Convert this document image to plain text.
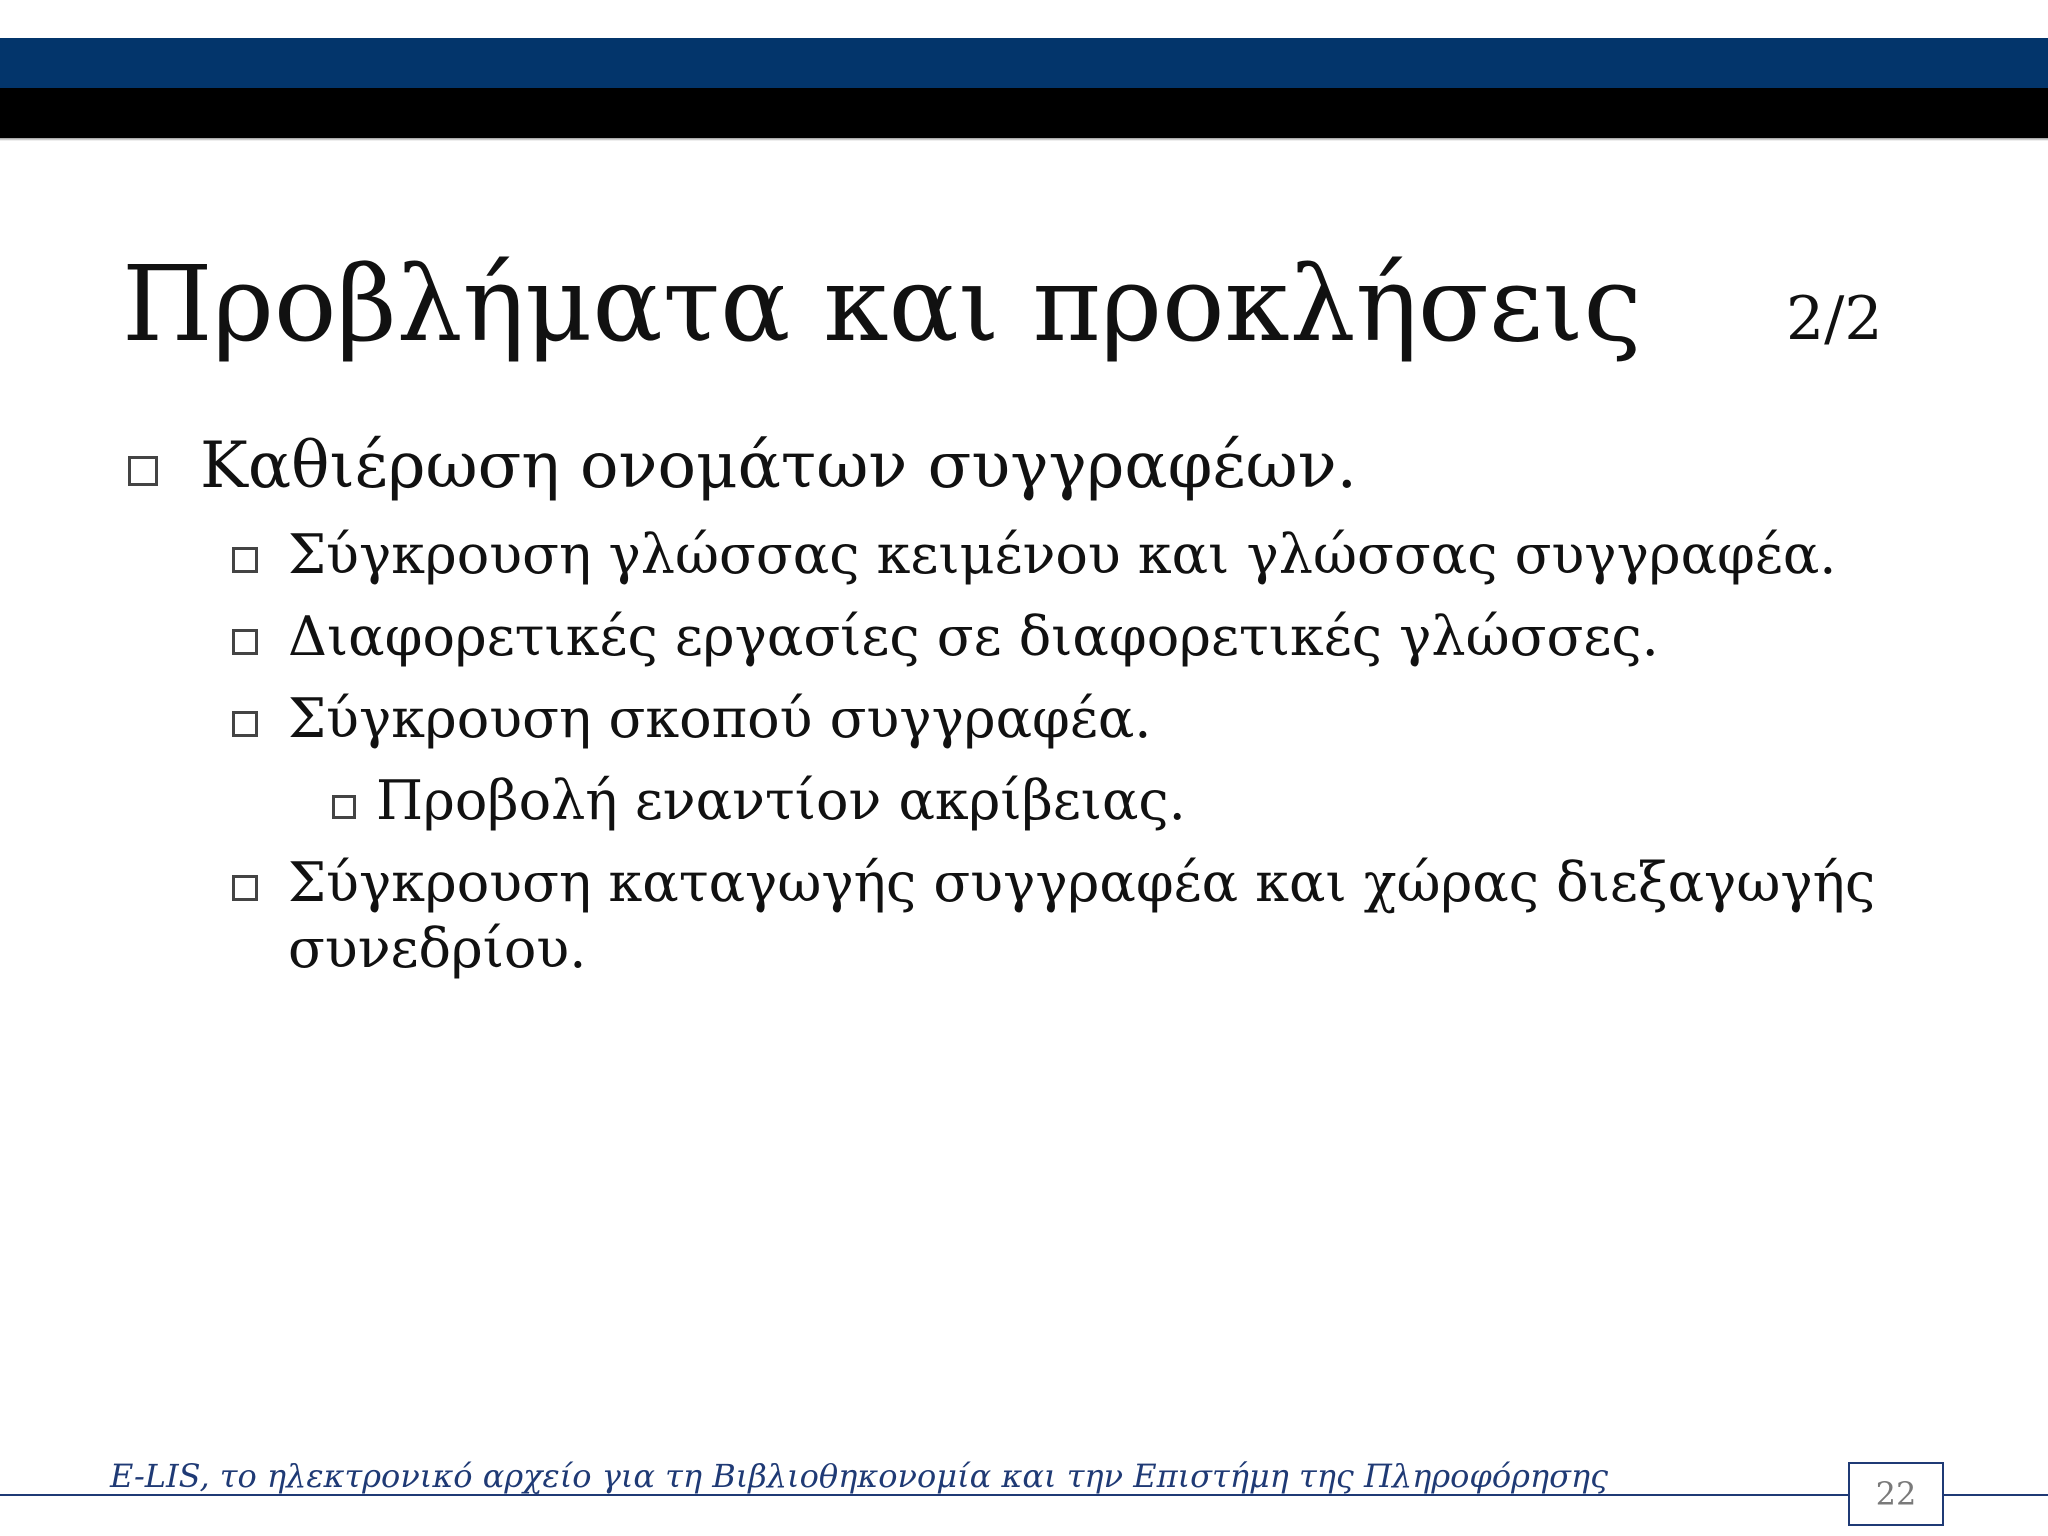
Προβλήματα και προκλήσεις 2/2
Καθιέρωση ονομάτων συγγραφέων.
Σύγκρουση γλώσσας κειμένου και γλώσσας συγγραφέα.
Διαφορετικές εργασίες σε διαφορετικές γλώσσες.
Σύγκρουση σκοπού συγγραφέα.
Προβολή εναντίον ακρίβειας.
Σύγκρουση καταγωγής συγγραφέα και χώρας διεξαγωγής
συνεδρίου.
E-LIS, το ηλεκτρονικό αρχείο για τη Βιβλιοθηκονομία και την Επιστήμη της Πληροφόρησης	22
